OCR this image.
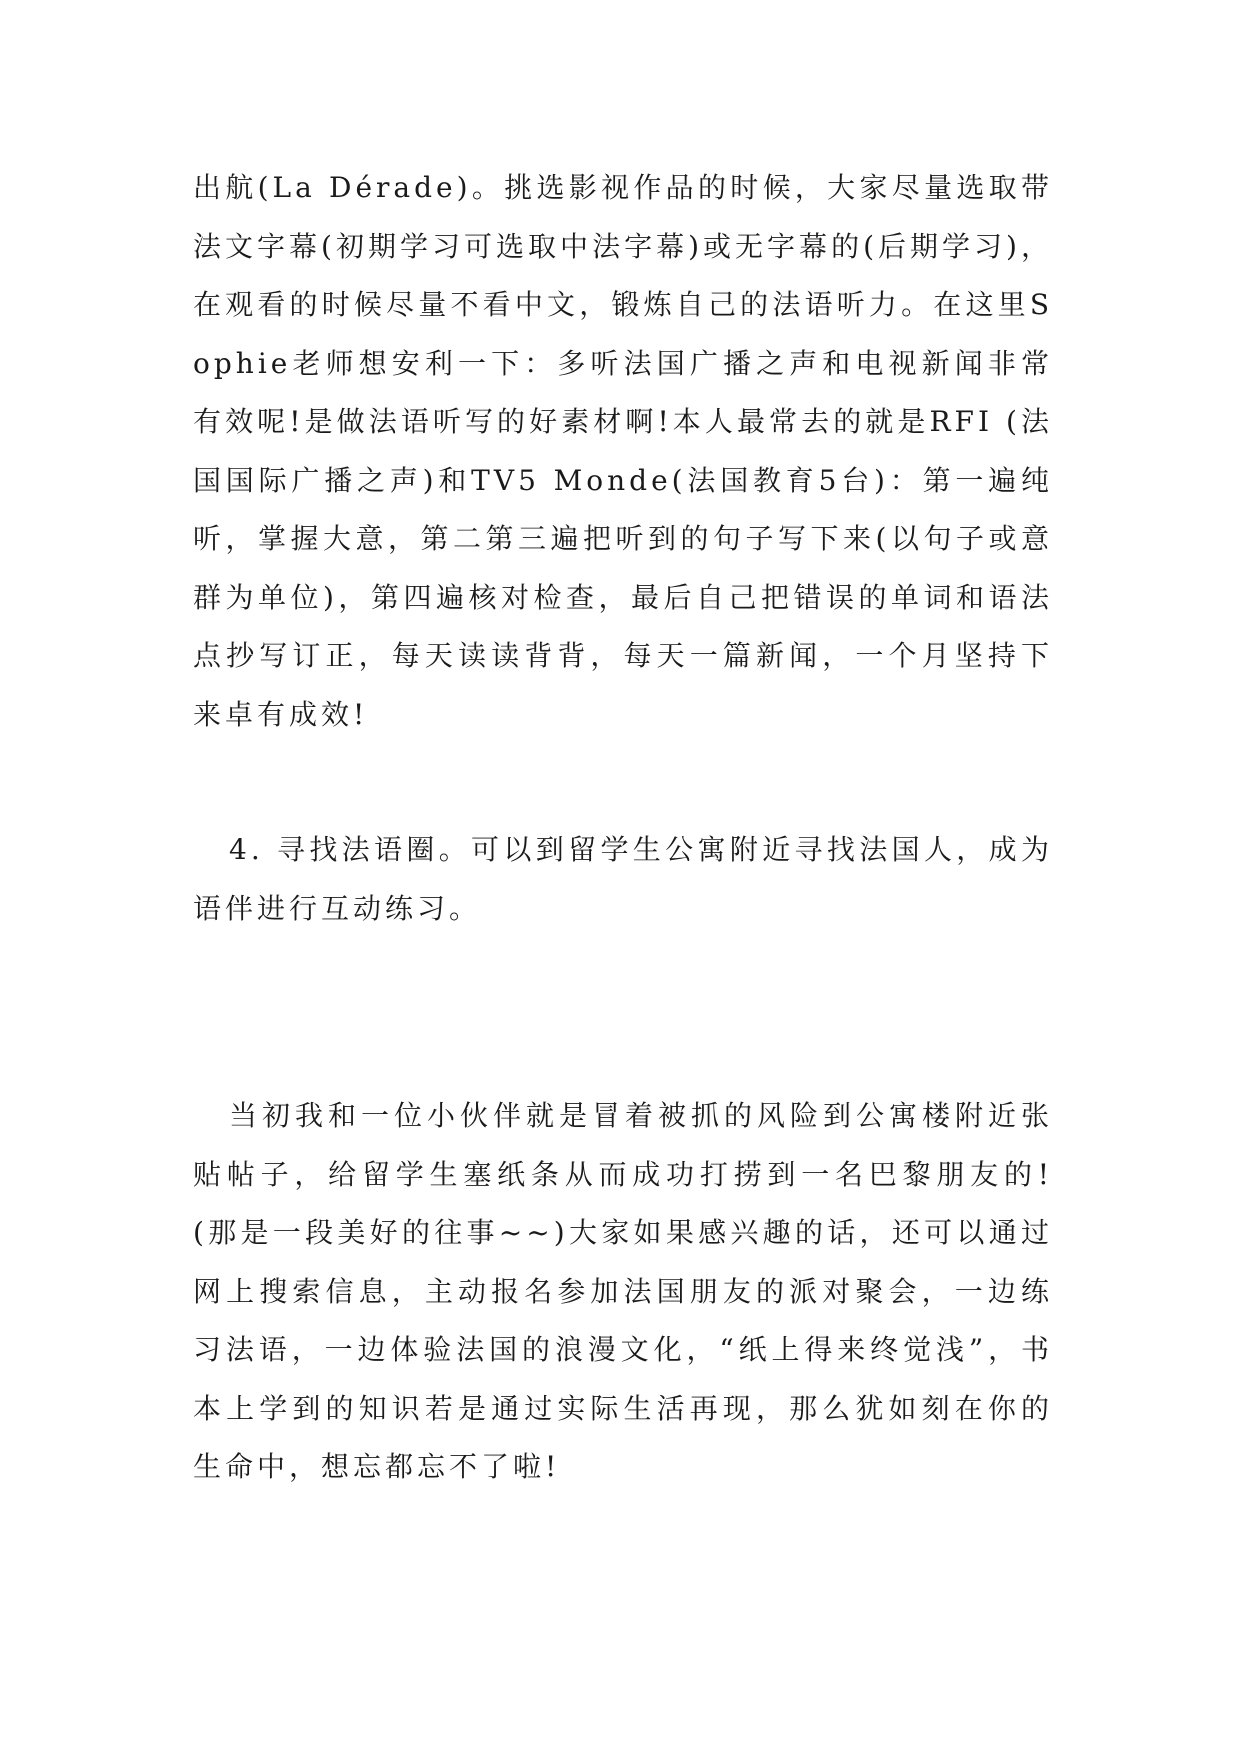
出航(La Dérade)。挑选影视作品的时候，大家尽量选取带法文字幕(初期学习可选取中法字幕)或无字幕的(后期学习)，在观看的时候尽量不看中文，锻炼自己的法语听力。在这里Sophie老师想安利一下：多听法国广播之声和电视新闻非常有效呢!是做法语听写的好素材啊!本人最常去的就是RFI (法国国际广播之声)和TV5 Monde(法国教育5台)：第一遍纯听，掌握大意，第二第三遍把听到的句子写下来(以句子或意群为单位)，第四遍核对检查，最后自己把错误的单词和语法点抄写订正，每天读读背背，每天一篇新闻，一个月坚持下来卓有成效!

4. 寻找法语圈。可以到留学生公寓附近寻找法国人，成为语伴进行互动练习。

当初我和一位小伙伴就是冒着被抓的风险到公寓楼附近张贴帖子，给留学生塞纸条从而成功打捞到一名巴黎朋友的!(那是一段美好的往事~~)大家如果感兴趣的话，还可以通过网上搜索信息，主动报名参加法国朋友的派对聚会，一边练习法语，一边体验法国的浪漫文化，“纸上得来终觉浅”，书本上学到的知识若是通过实际生活再现，那么犹如刻在你的生命中，想忘都忘不了啦!
